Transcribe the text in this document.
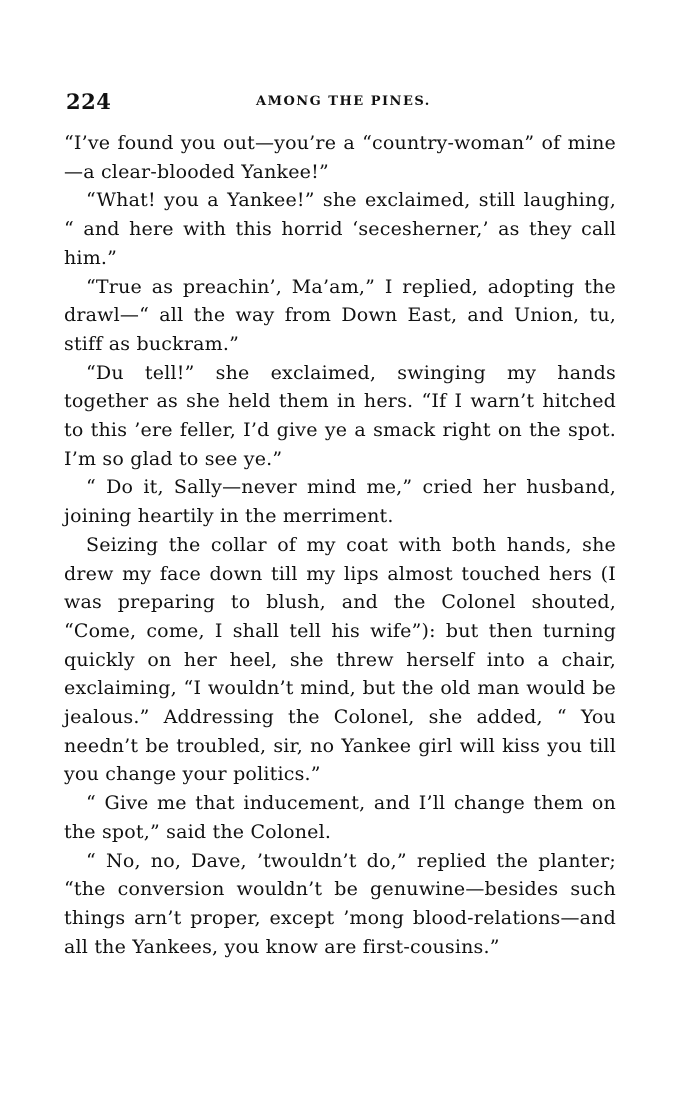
224	AMONG THE PINES.

“I’ve found you out—you’re a “country-woman” of mine—a clear-blooded Yankee!”

“What! you a Yankee!” she exclaimed, still laughing, “ and here with this horrid ‘secesherner,’ as they call him.”

“True as preachin’, Ma’am,” I replied, adopting the drawl—“ all the way from Down East, and Union, tu, stiff as buckram.”

“Du tell!” she exclaimed, swinging my hands together as she held them in hers. “If I warn’t hitched to this ’ere feller, I’d give ye a smack right on the spot. I’m so glad to see ye.”

“ Do it, Sally—never mind me,” cried her husband, joining heartily in the merriment.

Seizing the collar of my coat with both hands, she drew my face down till my lips almost touched hers (I was preparing to blush, and the Colonel shouted, “Come, come, I shall tell his wife”): but then turning quickly on her heel, she threw herself into a chair, exclaiming, “I wouldn’t mind, but the old man would be jealous.” Addressing the Colonel, she added, “ You needn’t be troubled, sir, no Yankee girl will kiss you till you change your politics.”

“ Give me that inducement, and I’ll change them on the spot,” said the Colonel.

“ No, no, Dave, ’twouldn’t do,” replied the planter; “the conversion wouldn’t be genuwine—besides such things arn’t proper, except ’mong blood-relations—and all the Yankees, you know are first-cousins.”
